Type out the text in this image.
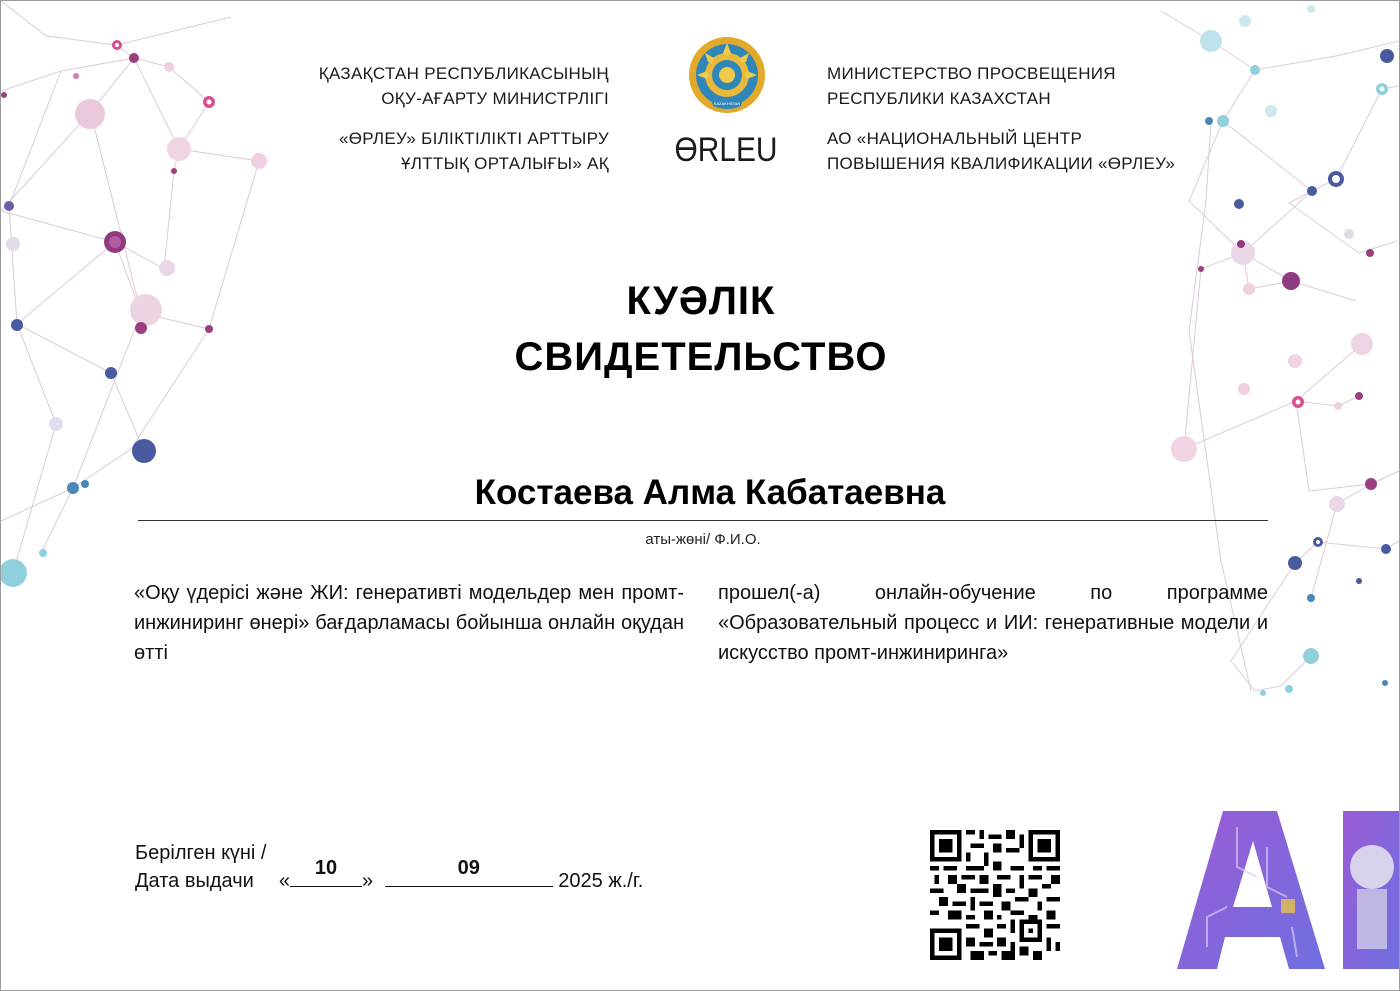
ҚАЗАҚСТАН РЕСПУБЛИКАСЫНЫҢ
ОҚУ-АҒАРТУ МИНИСТРЛІГІ
«ӨРЛЕУ» БІЛІКТІЛІКТІ АРТТЫРУ
ҰЛТТЫҚ ОРТАЛЫҒЫ» АҚ
KAZAKHSTAN
ӨRLEU
МИНИСТЕРСТВО ПРОСВЕЩЕНИЯ
РЕСПУБЛИКИ КАЗАХСТАН
АО «НАЦИОНАЛЬНЫЙ ЦЕНТР
ПОВЫШЕНИЯ КВАЛИФИКАЦИИ «ӨРЛЕУ»
КУӘЛІК
СВИДЕТЕЛЬСТВО
Костаева Алма Кабатаевна
аты-жөні/ Ф.И.О.
«Оқу үдерісі және ЖИ: генеративті модельдер мен промт-инжиниринг өнері» бағдарламасы бойынша онлайн оқудан өтті
прошел(-а) онлайн-обучение по программе «Образовательный процесс и ИИ: генеративные модели и искусство промт-инжиниринга»
Берілген күні /
Дата выдачи «
10
»
09
2025 ж./г.
